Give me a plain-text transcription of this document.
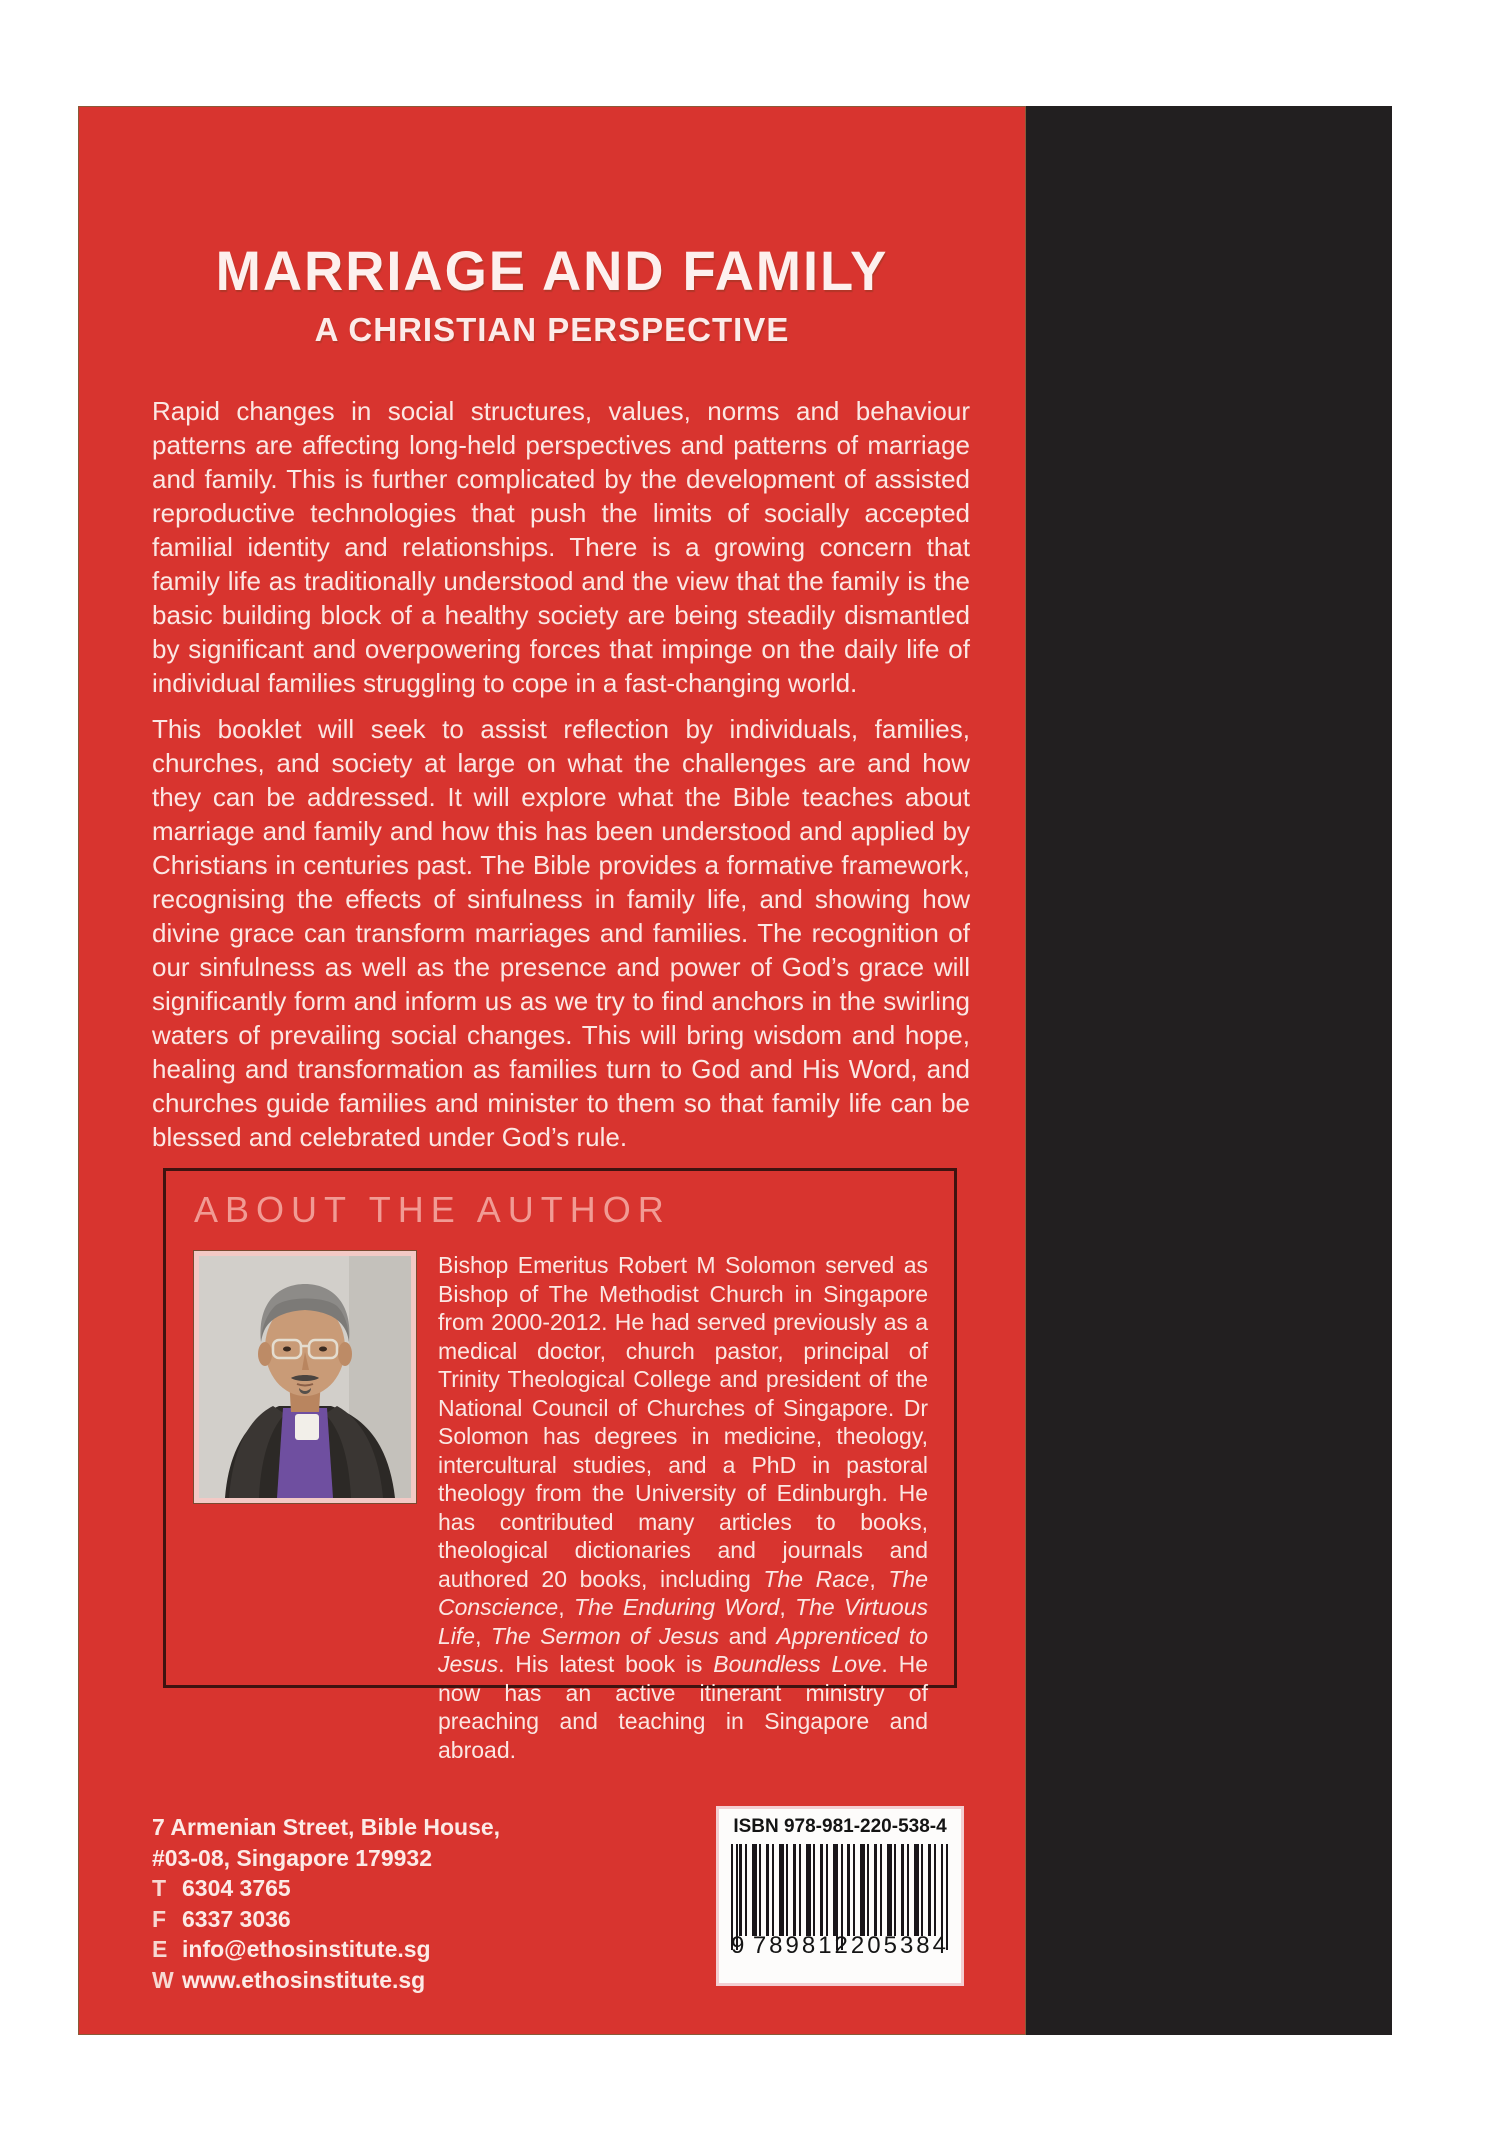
MARRIAGE AND FAMILY
A CHRISTIAN PERSPECTIVE
Rapid changes in social structures, values, norms and behaviour patterns are affecting long-held perspectives and patterns of marriage and family. This is further complicated by the development of assisted reproductive technologies that push the limits of socially accepted familial identity and relationships. There is a growing concern that family life as traditionally understood and the view that the family is the basic building block of a healthy society are being steadily dismantled by significant and overpowering forces that impinge on the daily life of individual families struggling to cope in a fast-changing world.
This booklet will seek to assist reflection by individuals, families, churches, and society at large on what the challenges are and how they can be addressed. It will explore what the Bible teaches about marriage and family and how this has been understood and applied by Christians in centuries past. The Bible provides a formative framework, recognising the effects of sinfulness in family life, and showing how divine grace can transform marriages and families. The recognition of our sinfulness as well as the presence and power of God’s grace will significantly form and inform us as we try to find anchors in the swirling waters of prevailing social changes. This will bring wisdom and hope, healing and transformation as families turn to God and His Word, and churches guide families and minister to them so that family life can be blessed and celebrated under God’s rule.
ABOUT THE AUTHOR
Bishop Emeritus Robert M Solomon served as Bishop of The Methodist Church in Singapore from 2000-2012. He had served previously as a medical doctor, church pastor, principal of Trinity Theological College and president of the National Council of Churches of Singapore. Dr Solomon has degrees in medicine, theology, intercultural studies, and a PhD in pastoral theology from the University of Edinburgh. He has contributed many articles to books, theological dictionaries and journals and authored 20 books, including The Race, The Conscience, The Enduring Word, The Virtuous Life, The Sermon of Jesus and Apprenticed to Jesus. His latest book is Boundless Love. He now has an active itinerant ministry of preaching and teaching in Singapore and abroad.
7 Armenian Street, Bible House,
#03-08, Singapore 179932
T 6304 3765
F 6337 3036
E info@ethosinstitute.sg
W www.ethosinstitute.sg
ISBN 978-981-220-538-4
9 789812 205384
